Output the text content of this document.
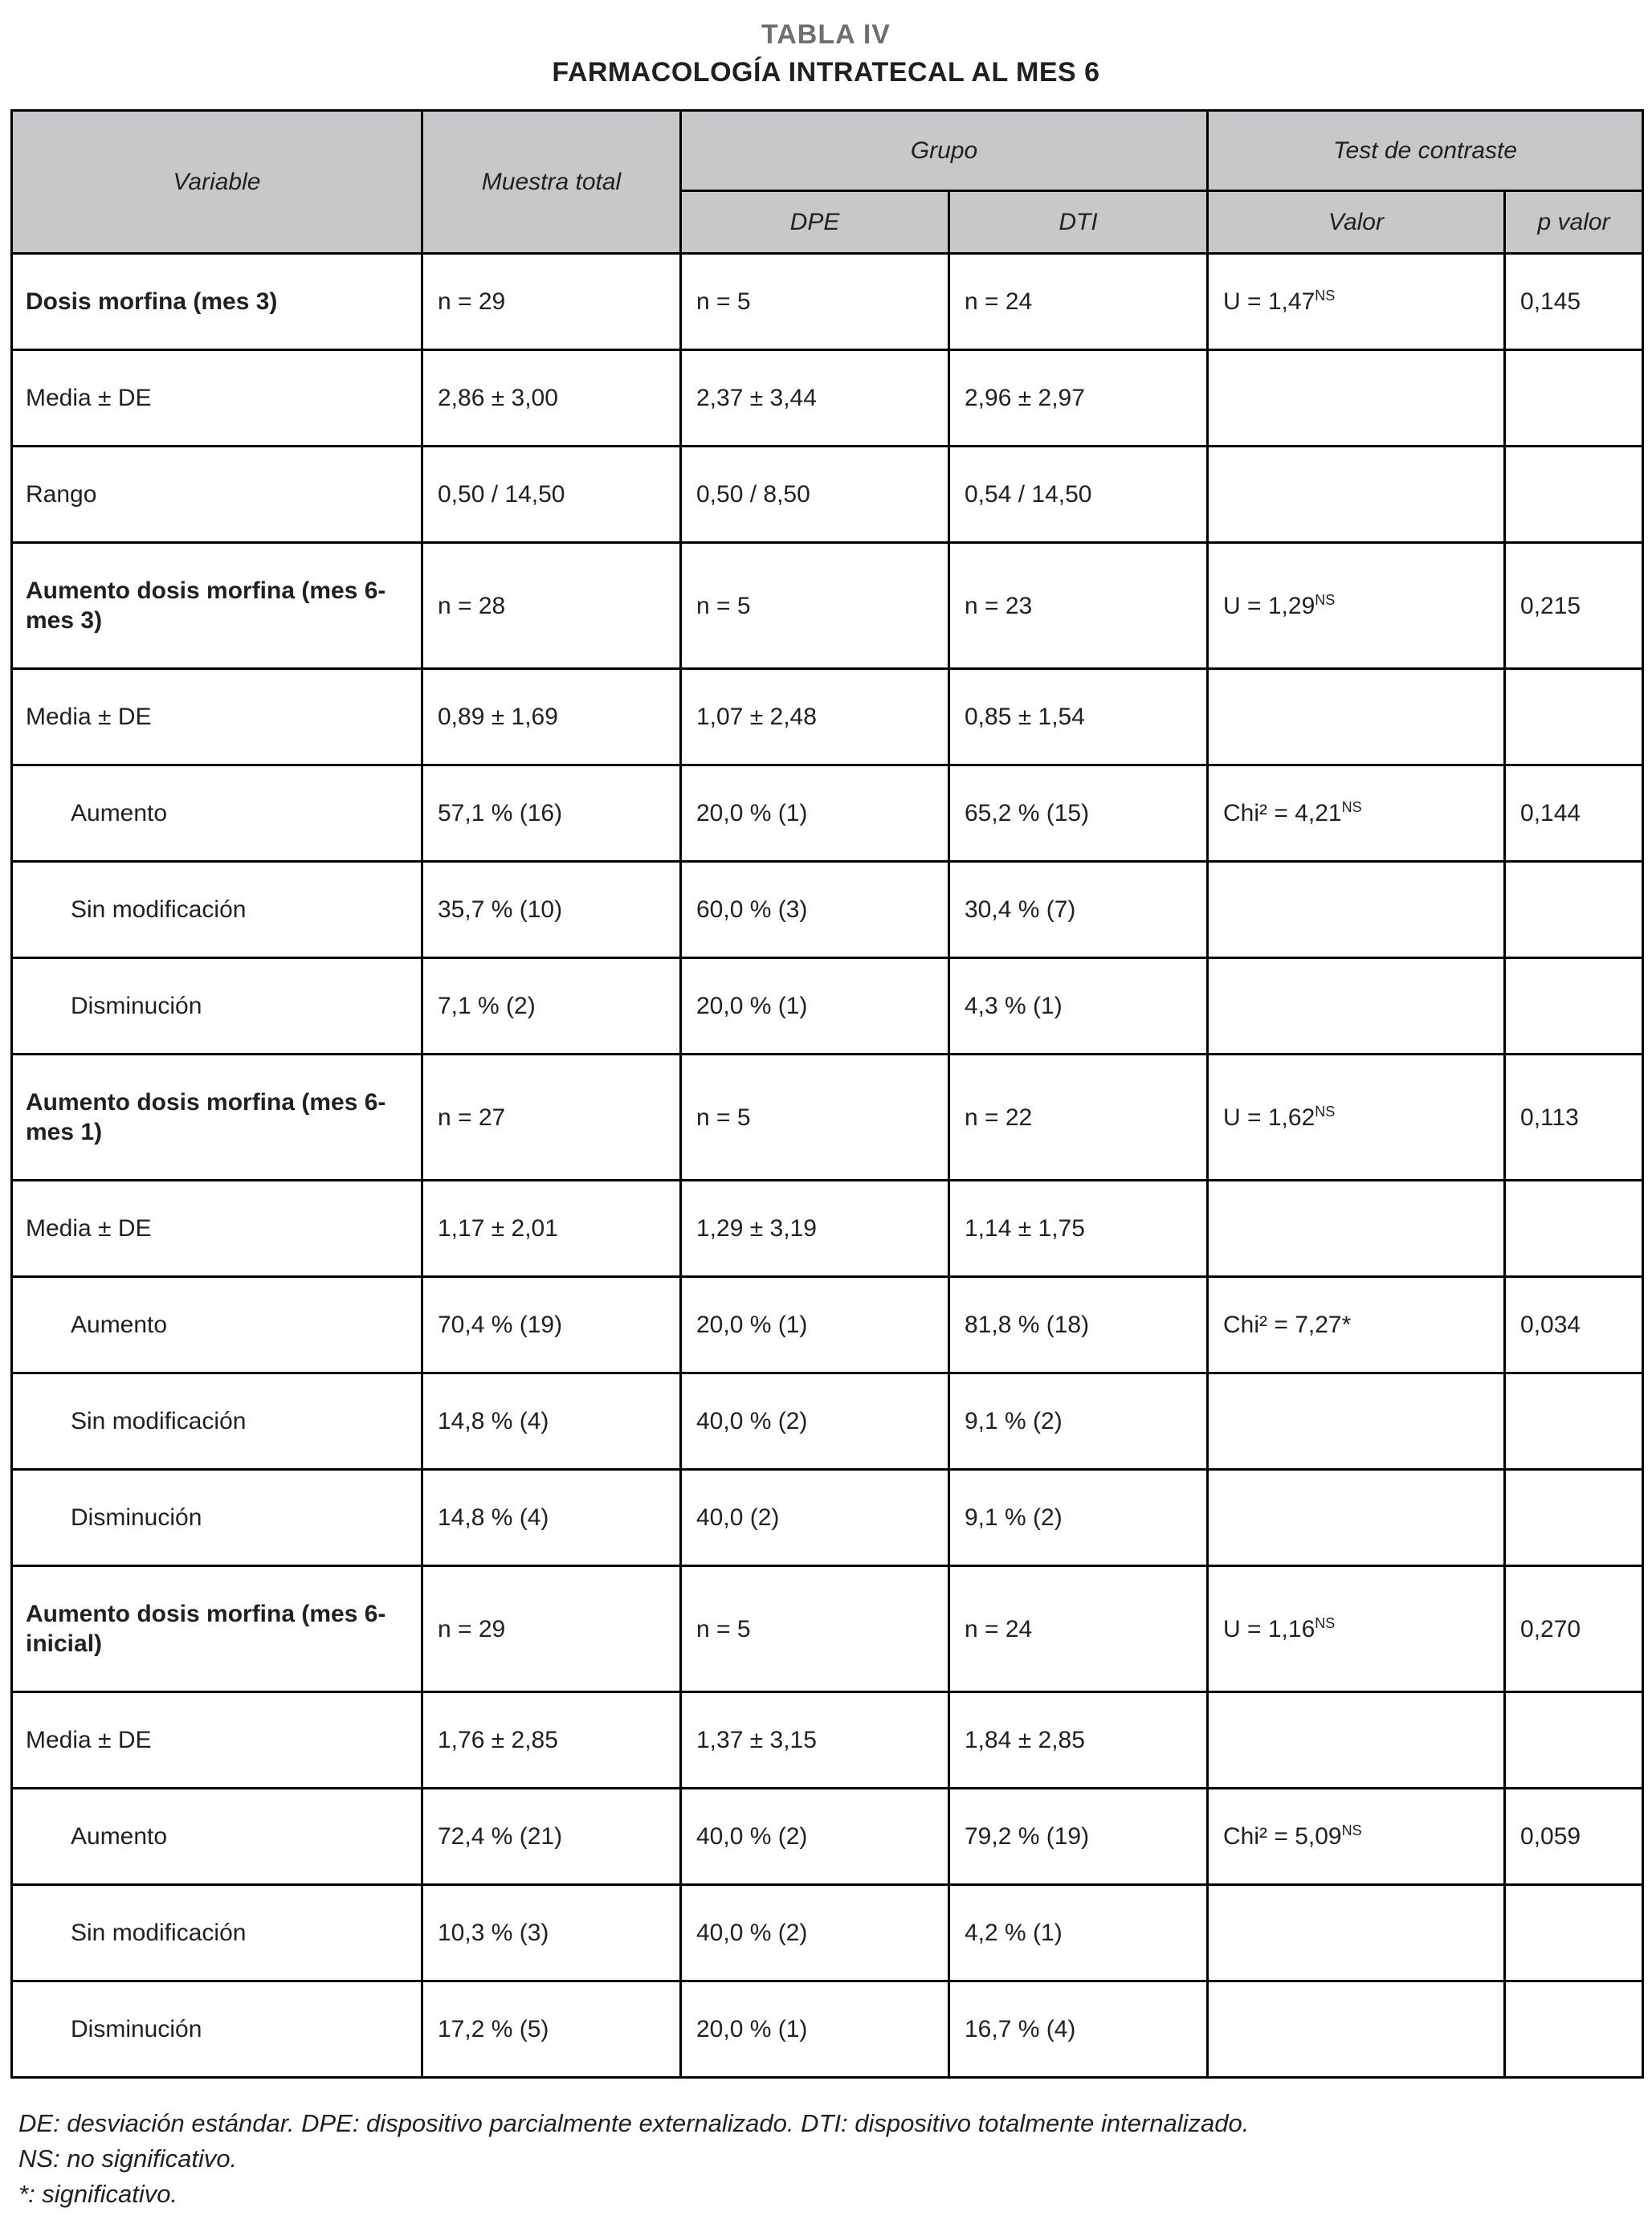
TABLA IV
FARMACOLOGÍA INTRATECAL AL MES 6
Variable	Muestra total	Grupo		Test de contraste	
		DPE	DTI	Valor	p valor
Dosis morfina (mes 3)	n = 29	n = 5	n = 24	$U = 1,47^{NS}$	0,145
Media ± DE	2,86 ± 3,00	2,37 ± 3,44	2,96 ± 2,97		
Rango	0,50 / 14,50	0,50 / 8,50	0,54 / 14,50		
Aumento dosis morfina (mes 6- mes 3)	n = 28	n = 5	n = 23	$U = 1,29^{NS}$	0,215
Media ± DE	0,89 ± 1,69	1,07 ± 2,48	0,85 ± 1,54		
Aumento	57,1 % (16)	20,0 % (1)	65,2 % (15)	$Chi^2 = 4,21^{NS}$	0,144
Sin modificación	35,7 % (10)	60,0 % (3)	30,4 % (7)		
Disminución	7,1 % (2)	20,0 % (1)	4,3 % (1)		
Aumento dosis morfina (mes 6- mes 1)	n = 27	n = 5	n = 22	$U = 1,62^{NS}$	0,113
Media ± DE	1,17 ± 2,01	1,29 ± 3,19	1,14 ± 1,75		
Aumento	70,4 % (19)	20,0 % (1)	81,8 % (18)	Chi² = 7,27*	0,034
Sin modificación	14,8 % (4)	40,0 % (2)	9,1 % (2)		
Disminución	14,8 % (4)	40,0 (2)	9,1 % (2)		
Aumento dosis morfina (mes 6- inicial)	n = 29	n = 5	n = 24	$U = 1,16^{NS}$	0,270
Media ± DE	1,76 ± 2,85	1,37 ± 3,15	1,84 ± 2,85		
Aumento	72,4 % (21)	40,0 % (2)	79,2 % (19)	$Chi^2 = 5,09^{NS}$	0,059
Sin modificación	10,3 % (3)	40,0 % (2)	4,2 % (1)		
Disminución	17,2 % (5)	20,0 % (1)	16,7 % (4)		
DE: desviación estándar. DPE: dispositivo parcialmente externalizado. DTI: dispositivo totalmente internalizado.
NS: no significativo.
*: significativo.
